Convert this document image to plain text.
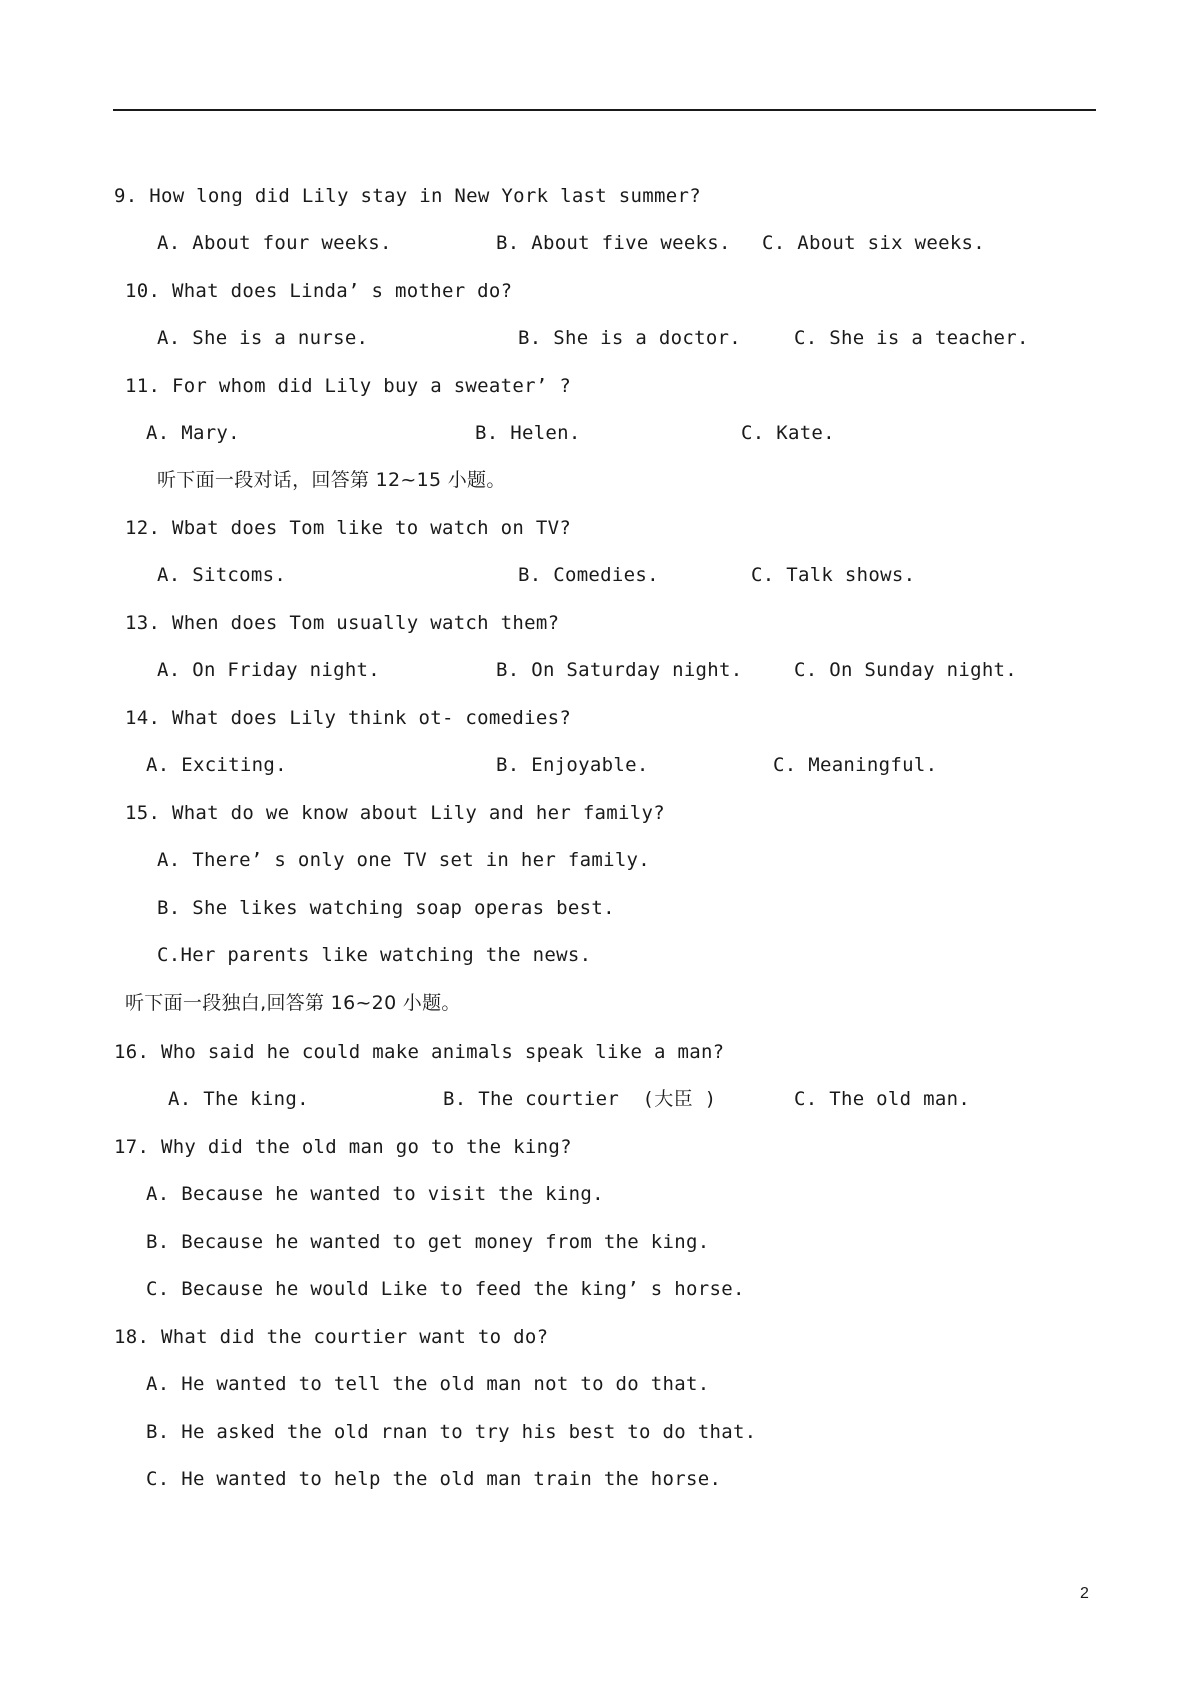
9. How long did Lily stay in New York last summer?
A. About four weeks.	B. About five weeks. C. About six weeks.
10. What does Linda’ s mother do?
A. She is a nurse.	B. She is a doctor.	C. She is a teacher.
11. For whom did Lily buy a sweater’ ?
A. Mary.	B. Helen.	C. Kate.
听下面一段对话，回答第 12~15 小题。
12. Wbat does Tom like to watch on TV?
A. Sitcoms.	B. Comedies.	C. Talk shows.
13. When does Tom usually watch them?
A. On Friday night.	B. On Saturday night.	C. On Sunday night.
14. What does Lily think ot- comedies?
A. Exciting.	B. Enjoyable.	C. Meaningful.
15. What do we know about Lily and her family?
A. There’ s only one TV set in her family.
B. She likes watching soap operas best.
C.Her parents like watching the news.
听下面一段独白,回答第 16~20 小题。
16. Who said he could make animals speak like a man?
A. The king.	B. The courtier  (大臣 )	C. The old man.
17. Why did the old man go to the king?
A. Because he wanted to visit the king.
B. Because he wanted to get money from the king.
C. Because he would Like to feed the king’ s horse.
18. What did the courtier want to do?
A. He wanted to tell the old man not to do that.
B. He asked the old rnan to try his best to do that.
C. He wanted to help the old man train the horse.
2
